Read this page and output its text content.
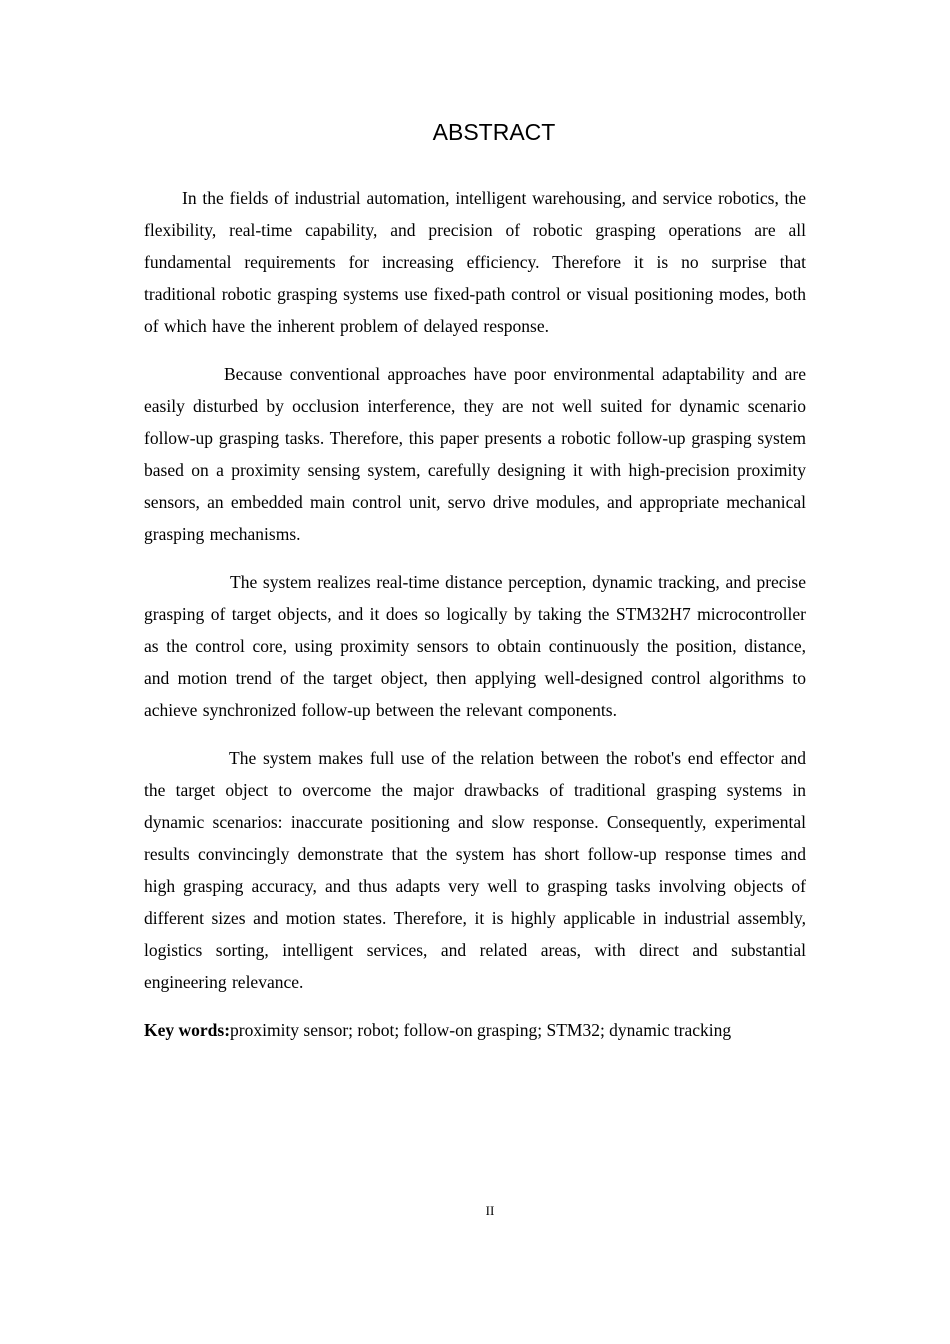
ABSTRACT

In the fields of industrial automation, intelligent warehousing, and service robotics, the flexibility, real-time capability, and precision of robotic grasping operations are all fundamental requirements for increasing efficiency. Therefore it is no surprise that traditional robotic grasping systems use fixed-path control or visual positioning modes, both of which have the inherent problem of delayed response.

Because conventional approaches have poor environmental adaptability and are easily disturbed by occlusion interference, they are not well suited for dynamic scenario follow-up grasping tasks. Therefore, this paper presents a robotic follow-up grasping system based on a proximity sensing system, carefully designing it with high-precision proximity sensors, an embedded main control unit, servo drive modules, and appropriate mechanical grasping mechanisms.

The system realizes real-time distance perception, dynamic tracking, and precise grasping of target objects, and it does so logically by taking the STM32H7 microcontroller as the control core, using proximity sensors to obtain continuously the position, distance, and motion trend of the target object, then applying well-designed control algorithms to achieve synchronized follow-up between the relevant components.

The system makes full use of the relation between the robot's end effector and the target object to overcome the major drawbacks of traditional grasping systems in dynamic scenarios: inaccurate positioning and slow response. Consequently, experimental results convincingly demonstrate that the system has short follow-up response times and high grasping accuracy, and thus adapts very well to grasping tasks involving objects of different sizes and motion states. Therefore, it is highly applicable in industrial assembly, logistics sorting, intelligent services, and related areas, with direct and substantial engineering relevance.

Key words:proximity sensor; robot; follow-on grasping; STM32; dynamic tracking

II
